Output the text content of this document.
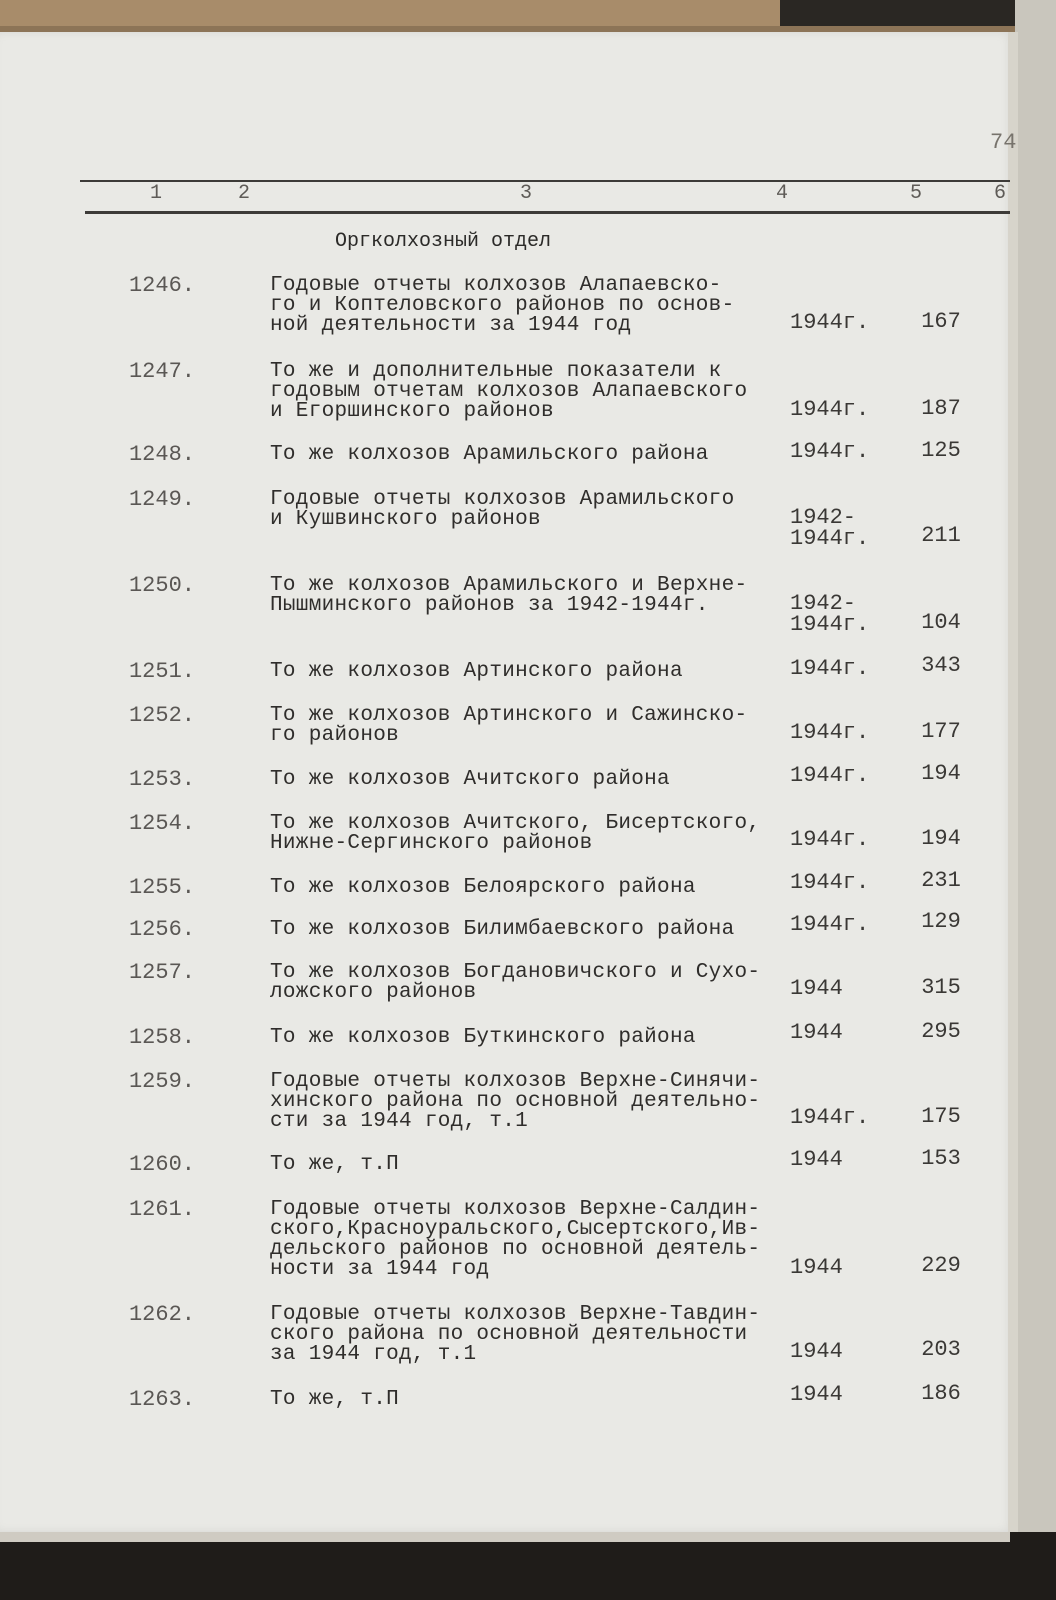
74
1	2	3	4	5	6
Оргколхозный отдел
1246.	Годовые отчеты колхозов Алапаевско-
го и Коптеловского районов по основ-
ной деятельности за 1944 год	1944г.	167
1247.	То же и дополнительные показатели к
годовым отчетам колхозов Алапаевского
и Егоршинского районов	1944г.	187
1248.	То же колхозов Арамильского района	1944г.	125
1249.	Годовые отчеты колхозов Арамильского
и Кушвинского районов	1942-
1944г.	211
1250.	То же колхозов Арамильского и Верхне-
Пышминского районов за 1942-1944г.	1942-
1944г.	104
1251.	То же колхозов Артинского района	1944г.	343
1252.	То же колхозов Артинского и Сажинско-
го районов	1944г.	177
1253.	То же колхозов Ачитского района	1944г.	194
1254.	То же колхозов Ачитского, Бисертского,
Нижне-Сергинского районов	1944г.	194
1255.	То же колхозов Белоярского района	1944г.	231
1256.	То же колхозов Билимбаевского района	1944г.	129
1257.	То же колхозов Богдановичского и Сухо-
ложского районов	1944	315
1258.	То же колхозов Буткинского района	1944	295
1259.	Годовые отчеты колхозов Верхне-Синячи-
хинского района по основной деятельно-
сти за 1944 год, т.1	1944г.	175
1260.	То же, т.П	1944	153
1261.	Годовые отчеты колхозов Верхне-Салдин-
ского,Красноуральского,Сысертского,Ив-
дельского районов по основной деятель-
ности за 1944 год	1944	229
1262.	Годовые отчеты колхозов Верхне-Тавдин-
ского района по основной деятельности
за 1944 год, т.1	1944	203
1263.	То же, т.П	1944	186
